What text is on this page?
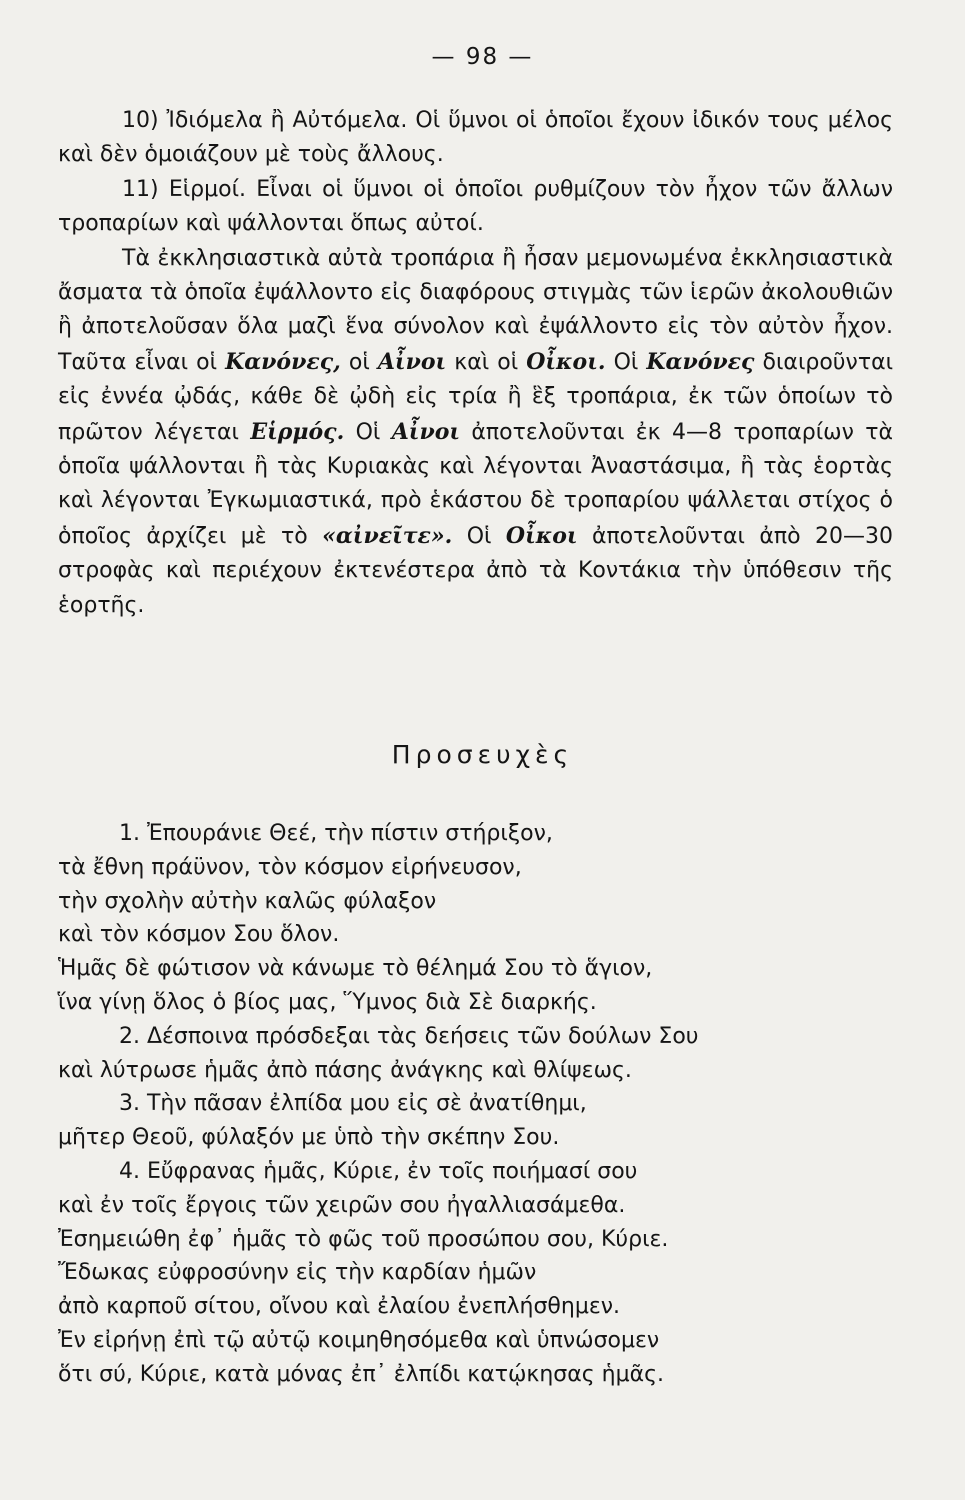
— 98 —

10) Ἰδιόμελα ἢ Αὐτόμελα. Οἱ ὕμνοι οἱ ὁποῖοι ἔχουν ἰδικόν τους μέλος καὶ δὲν ὁμοιάζουν μὲ τοὺς ἄλλους.

11) Εἱρμοί. Εἶναι οἱ ὕμνοι οἱ ὁποῖοι ρυθμίζουν τὸν ἦχον τῶν ἄλλων τροπαρίων καὶ ψάλλονται ὅπως αὐτοί.

Τὰ ἐκκλησιαστικὰ αὐτὰ τροπάρια ἢ ἦσαν μεμονωμένα ἐκκλησιαστικὰ ἄσματα τὰ ὁποῖα ἐψάλλοντο εἰς διαφόρους στιγμὰς τῶν ἱερῶν ἀκολουθιῶν ἢ ἀποτελοῦσαν ὅλα μαζὶ ἕνα σύνολον καὶ ἐψάλλοντο εἰς τὸν αὐτὸν ἦχον. Ταῦτα εἶναι οἱ Κανόνες, οἱ Αἶνοι καὶ οἱ Οἶκοι. Οἱ Κανόνες διαιροῦνται εἰς ἐννέα ᾠδάς, κάθε δὲ ᾠδὴ εἰς τρία ἢ ἓξ τροπάρια, ἐκ τῶν ὁποίων τὸ πρῶτον λέγεται Εἱρμός. Οἱ Αἶνοι ἀποτελοῦνται ἐκ 4—8 τροπαρίων τὰ ὁποῖα ψάλλονται ἢ τὰς Κυριακὰς καὶ λέγονται Ἀναστάσιμα, ἢ τὰς ἑορτὰς καὶ λέγονται Ἐγκωμιαστικά, πρὸ ἑκάστου δὲ τροπαρίου ψάλλεται στίχος ὁ ὁποῖος ἀρχίζει μὲ τὸ «αἰνεῖτε». Οἱ Οἶκοι ἀποτελοῦνται ἀπὸ 20—30 στροφὰς καὶ περιέχουν ἐκτενέστερα ἀπὸ τὰ Κοντάκια τὴν ὑπόθεσιν τῆς ἑορτῆς.

Προσευχὲς
1. Ἐπουράνιε Θεέ, τὴν πίστιν στήριξον,
τὰ ἔθνη πράϋνον, τὸν κόσμον εἰρήνευσον,
τὴν σχολὴν αὐτὴν καλῶς φύλαξον
καὶ τὸν κόσμον Σου ὅλον.
Ἡμᾶς δὲ φώτισον νὰ κάνωμε τὸ θέλημά Σου τὸ ἅγιον,
ἵνα γίνῃ ὅλος ὁ βίος μας, Ὕμνος διὰ Σὲ διαρκής.
2. Δέσποινα πρόσδεξαι τὰς δεήσεις τῶν δούλων Σου
καὶ λύτρωσε ἡμᾶς ἀπὸ πάσης ἀνάγκης καὶ θλίψεως.
3. Τὴν πᾶσαν ἐλπίδα μου εἰς σὲ ἀνατίθημι,
μῆτερ Θεοῦ, φύλαξόν με ὑπὸ τὴν σκέπην Σου.
4. Εὔφρανας ἡμᾶς, Κύριε, ἐν τοῖς ποιήμασί σου
καὶ ἐν τοῖς ἔργοις τῶν χειρῶν σου ἠγαλλιασάμεθα.
Ἐσημειώθη ἐφ᾽ ἡμᾶς τὸ φῶς τοῦ προσώπου σου, Κύριε.
Ἔδωκας εὐφροσύνην εἰς τὴν καρδίαν ἡμῶν
ἀπὸ καρποῦ σίτου, οἴνου καὶ ἐλαίου ἐνεπλήσθημεν.
Ἐν εἰρήνῃ ἐπὶ τῷ αὐτῷ κοιμηθησόμεθα καὶ ὑπνώσομεν
ὅτι σύ, Κύριε, κατὰ μόνας ἐπ᾽ ἐλπίδι κατῴκησας ἡμᾶς.
